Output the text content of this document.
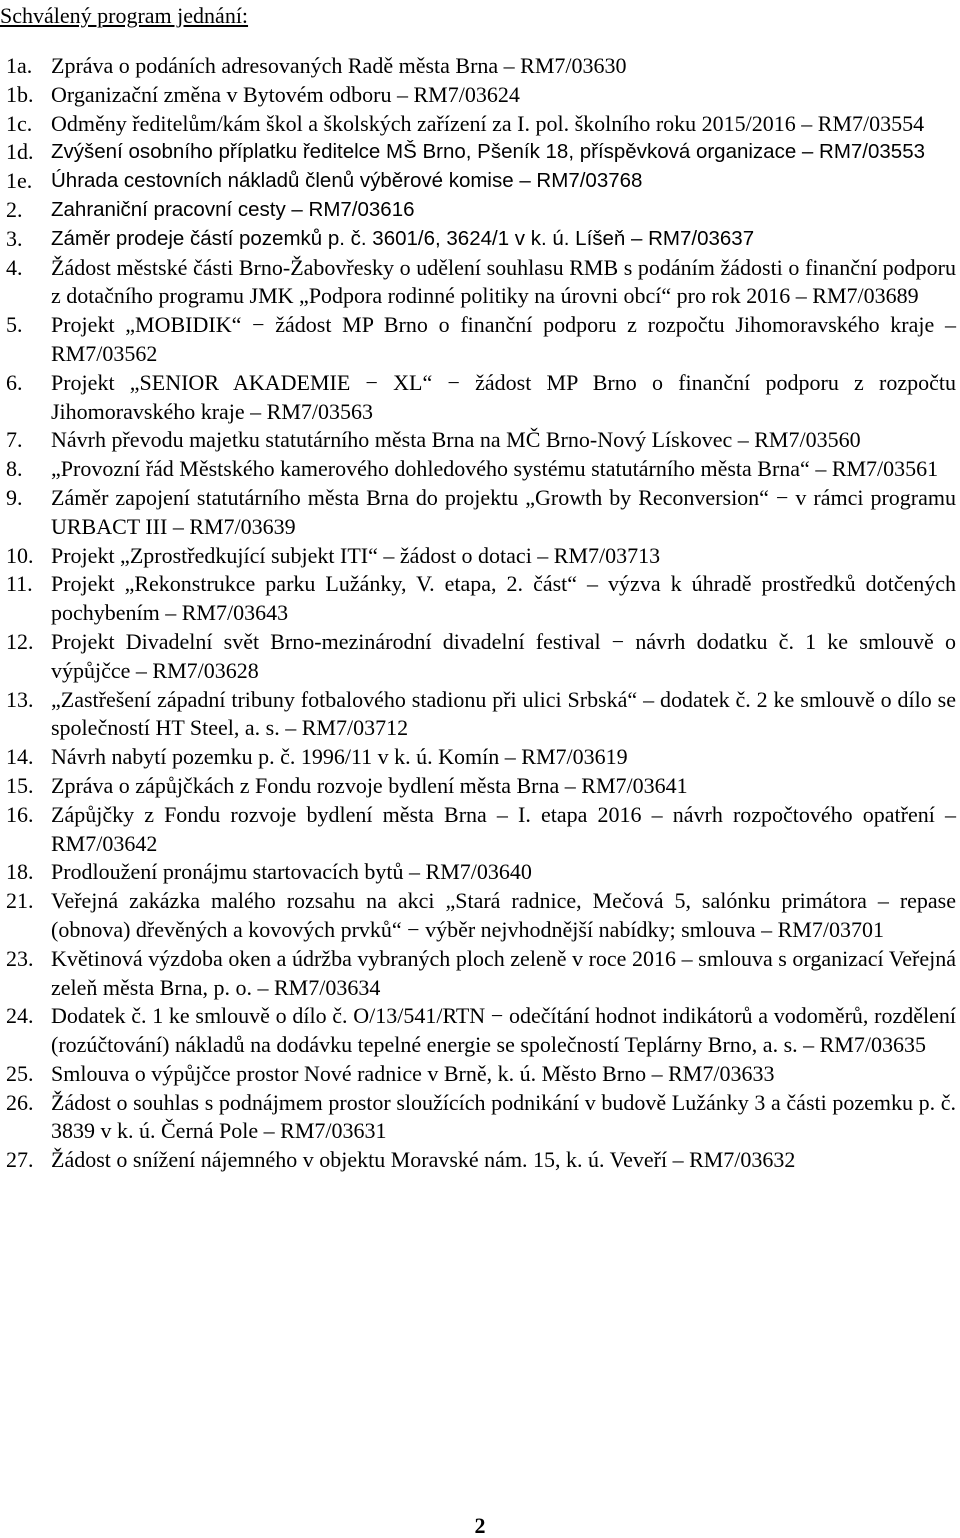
Schválený program jednání:
1a. Zpráva o podáních adresovaných Radě města Brna – RM7/03630
1b. Organizační změna v Bytovém odboru – RM7/03624
1c. Odměny ředitelům/kám škol a školských zařízení za I. pol. školního roku 2015/2016 – RM7/03554
1d. Zvýšení osobního příplatku ředitelce MŠ Brno, Pšeník 18, příspěvková organizace – RM7/03553
1e. Úhrada cestovních nákladů členů výběrové komise – RM7/03768
2.	Zahraniční pracovní cesty – RM7/03616
3.	Záměr prodeje částí pozemků p. č. 3601/6, 3624/1 v k. ú. Líšeň – RM7/03637
4.	Žádost městské části Brno-Žabovřesky o udělení souhlasu RMB s podáním žádosti o finanční podporu z dotačního programu JMK „Podpora rodinné politiky na úrovni obcí“ pro rok 2016 – RM7/03689
5.	Projekt „MOBIDIK“ − žádost MP Brno o finanční podporu z rozpočtu Jihomoravského kraje – RM7/03562
6.	Projekt „SENIOR AKADEMIE − XL“ − žádost MP Brno o finanční podporu z rozpočtu Jihomoravského kraje – RM7/03563
7.	Návrh převodu majetku statutárního města Brna na MČ Brno-Nový Lískovec – RM7/03560
8.	„Provozní řád Městského kamerového dohledového systému statutárního města Brna“ – RM7/03561
9.	Záměr zapojení statutárního města Brna do projektu „Growth by Reconversion“ − v rámci programu URBACT III – RM7/03639
10. Projekt „Zprostředkující subjekt ITI“ – žádost o dotaci – RM7/03713
11. Projekt „Rekonstrukce parku Lužánky, V. etapa, 2. část“ – výzva k úhradě prostředků dotčených pochybením – RM7/03643
12. Projekt Divadelní svět Brno-mezinárodní divadelní festival − návrh dodatku č. 1 ke smlouvě o výpůjčce – RM7/03628
13. „Zastřešení západní tribuny fotbalového stadionu při ulici Srbská“ – dodatek č. 2 ke smlouvě o dílo se společností HT Steel, a. s. – RM7/03712
14. Návrh nabytí pozemku p. č. 1996/11 v k. ú. Komín – RM7/03619
15. Zpráva o zápůjčkách z Fondu rozvoje bydlení města Brna – RM7/03641
16. Zápůjčky z Fondu rozvoje bydlení města Brna – I. etapa 2016 – návrh rozpočtového opatření – RM7/03642
18. Prodloužení pronájmu startovacích bytů – RM7/03640
21. Veřejná zakázka malého rozsahu na akci „Stará radnice, Mečová 5, salónku primátora – repase (obnova) dřevěných a kovových prvků“ − výběr nejvhodnější nabídky; smlouva – RM7/03701
23. Květinová výzdoba oken a údržba vybraných ploch zeleně v roce 2016 – smlouva s organizací Veřejná zeleň města Brna, p. o. – RM7/03634
24. Dodatek č. 1 ke smlouvě o dílo č. O/13/541/RTN − odečítání hodnot indikátorů a vodoměrů, rozdělení (rozúčtování) nákladů na dodávku tepelné energie se společností Teplárny Brno, a. s. – RM7/03635
25. Smlouva o výpůjčce prostor Nové radnice v Brně, k. ú. Město Brno – RM7/03633
26. Žádost o souhlas s podnájmem prostor sloužících podnikání v budově Lužánky 3 a části pozemku p. č. 3839 v k. ú. Černá Pole – RM7/03631
27. Žádost o snížení nájemného v objektu Moravské nám. 15, k. ú. Veveří – RM7/03632
2
